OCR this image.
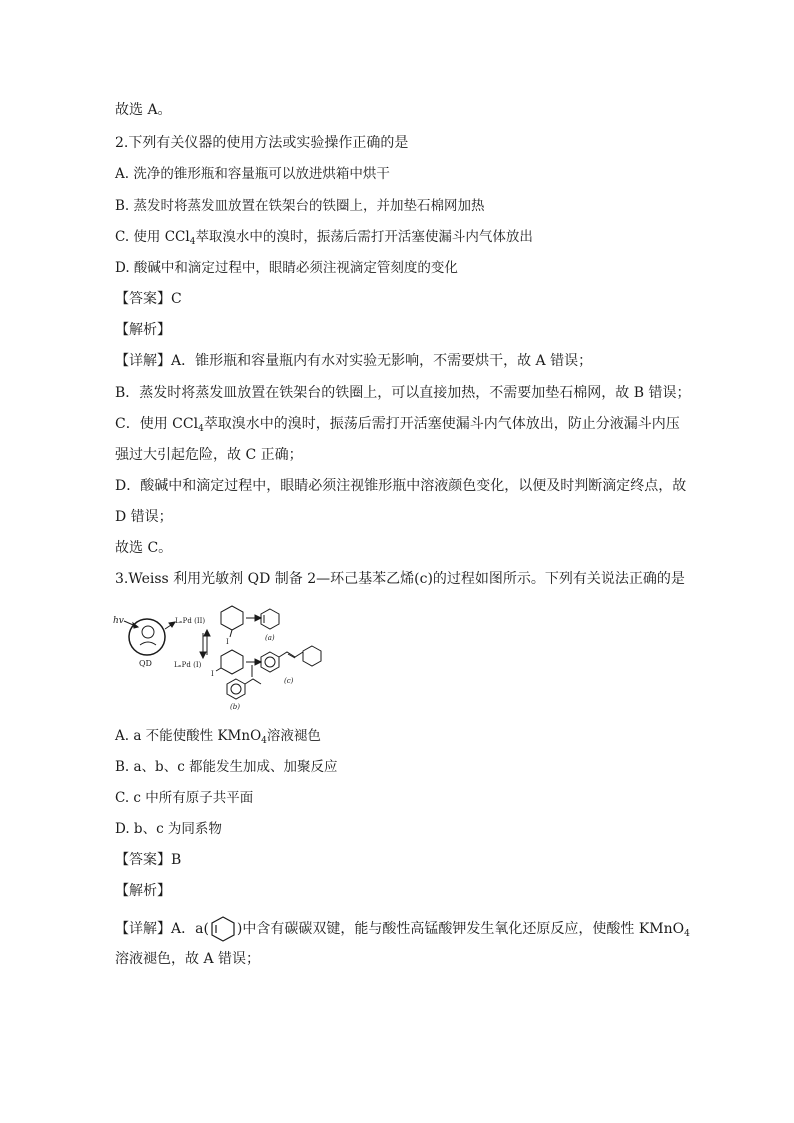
故选 A。

2.下列有关仪器的使用方法或实验操作正确的是

A. 洗净的锥形瓶和容量瓶可以放进烘箱中烘干

B. 蒸发时将蒸发皿放置在铁架台的铁圈上，并加垫石棉网加热

C. 使用 CCl$_4$萃取溴水中的溴时，振荡后需打开活塞使漏斗内气体放出

D. 酸碱中和滴定过程中，眼睛必须注视滴定管刻度的变化

【答案】C

【解析】

【详解】A．锥形瓶和容量瓶内有水对实验无影响，不需要烘干，故 A 错误；

B．蒸发时将蒸发皿放置在铁架台的铁圈上，可以直接加热，不需要加垫石棉网，故 B 错误；

C．使用 CCl$_4$萃取溴水中的溴时，振荡后需打开活塞使漏斗内气体放出，防止分液漏斗内压

强过大引起危险，故 C 正确；

D．酸碱中和滴定过程中，眼睛必须注视锥形瓶中溶液颜色变化，以便及时判断滴定终点，故

D 错误；

故选 C。

3.Weiss 利用光敏剂 QD 制备 2—环己基苯乙烯(c)的过程如图所示。下列有关说法正确的是

hv
QD
LₙPd (II)
LₙPd (I)
I
I
(a)
(b)
(c)

A. a 不能使酸性 KMnO$_4$溶液褪色

B. a、b、c 都能发生加成、加聚反应

C. c 中所有原子共平面

D. b、c 为同系物

【答案】B

【解析】

【详解】A．a( )中含有碳碳双键，能与酸性高锰酸钾发生氧化还原反应，使酸性 KMnO$_4$

溶液褪色，故 A 错误；
